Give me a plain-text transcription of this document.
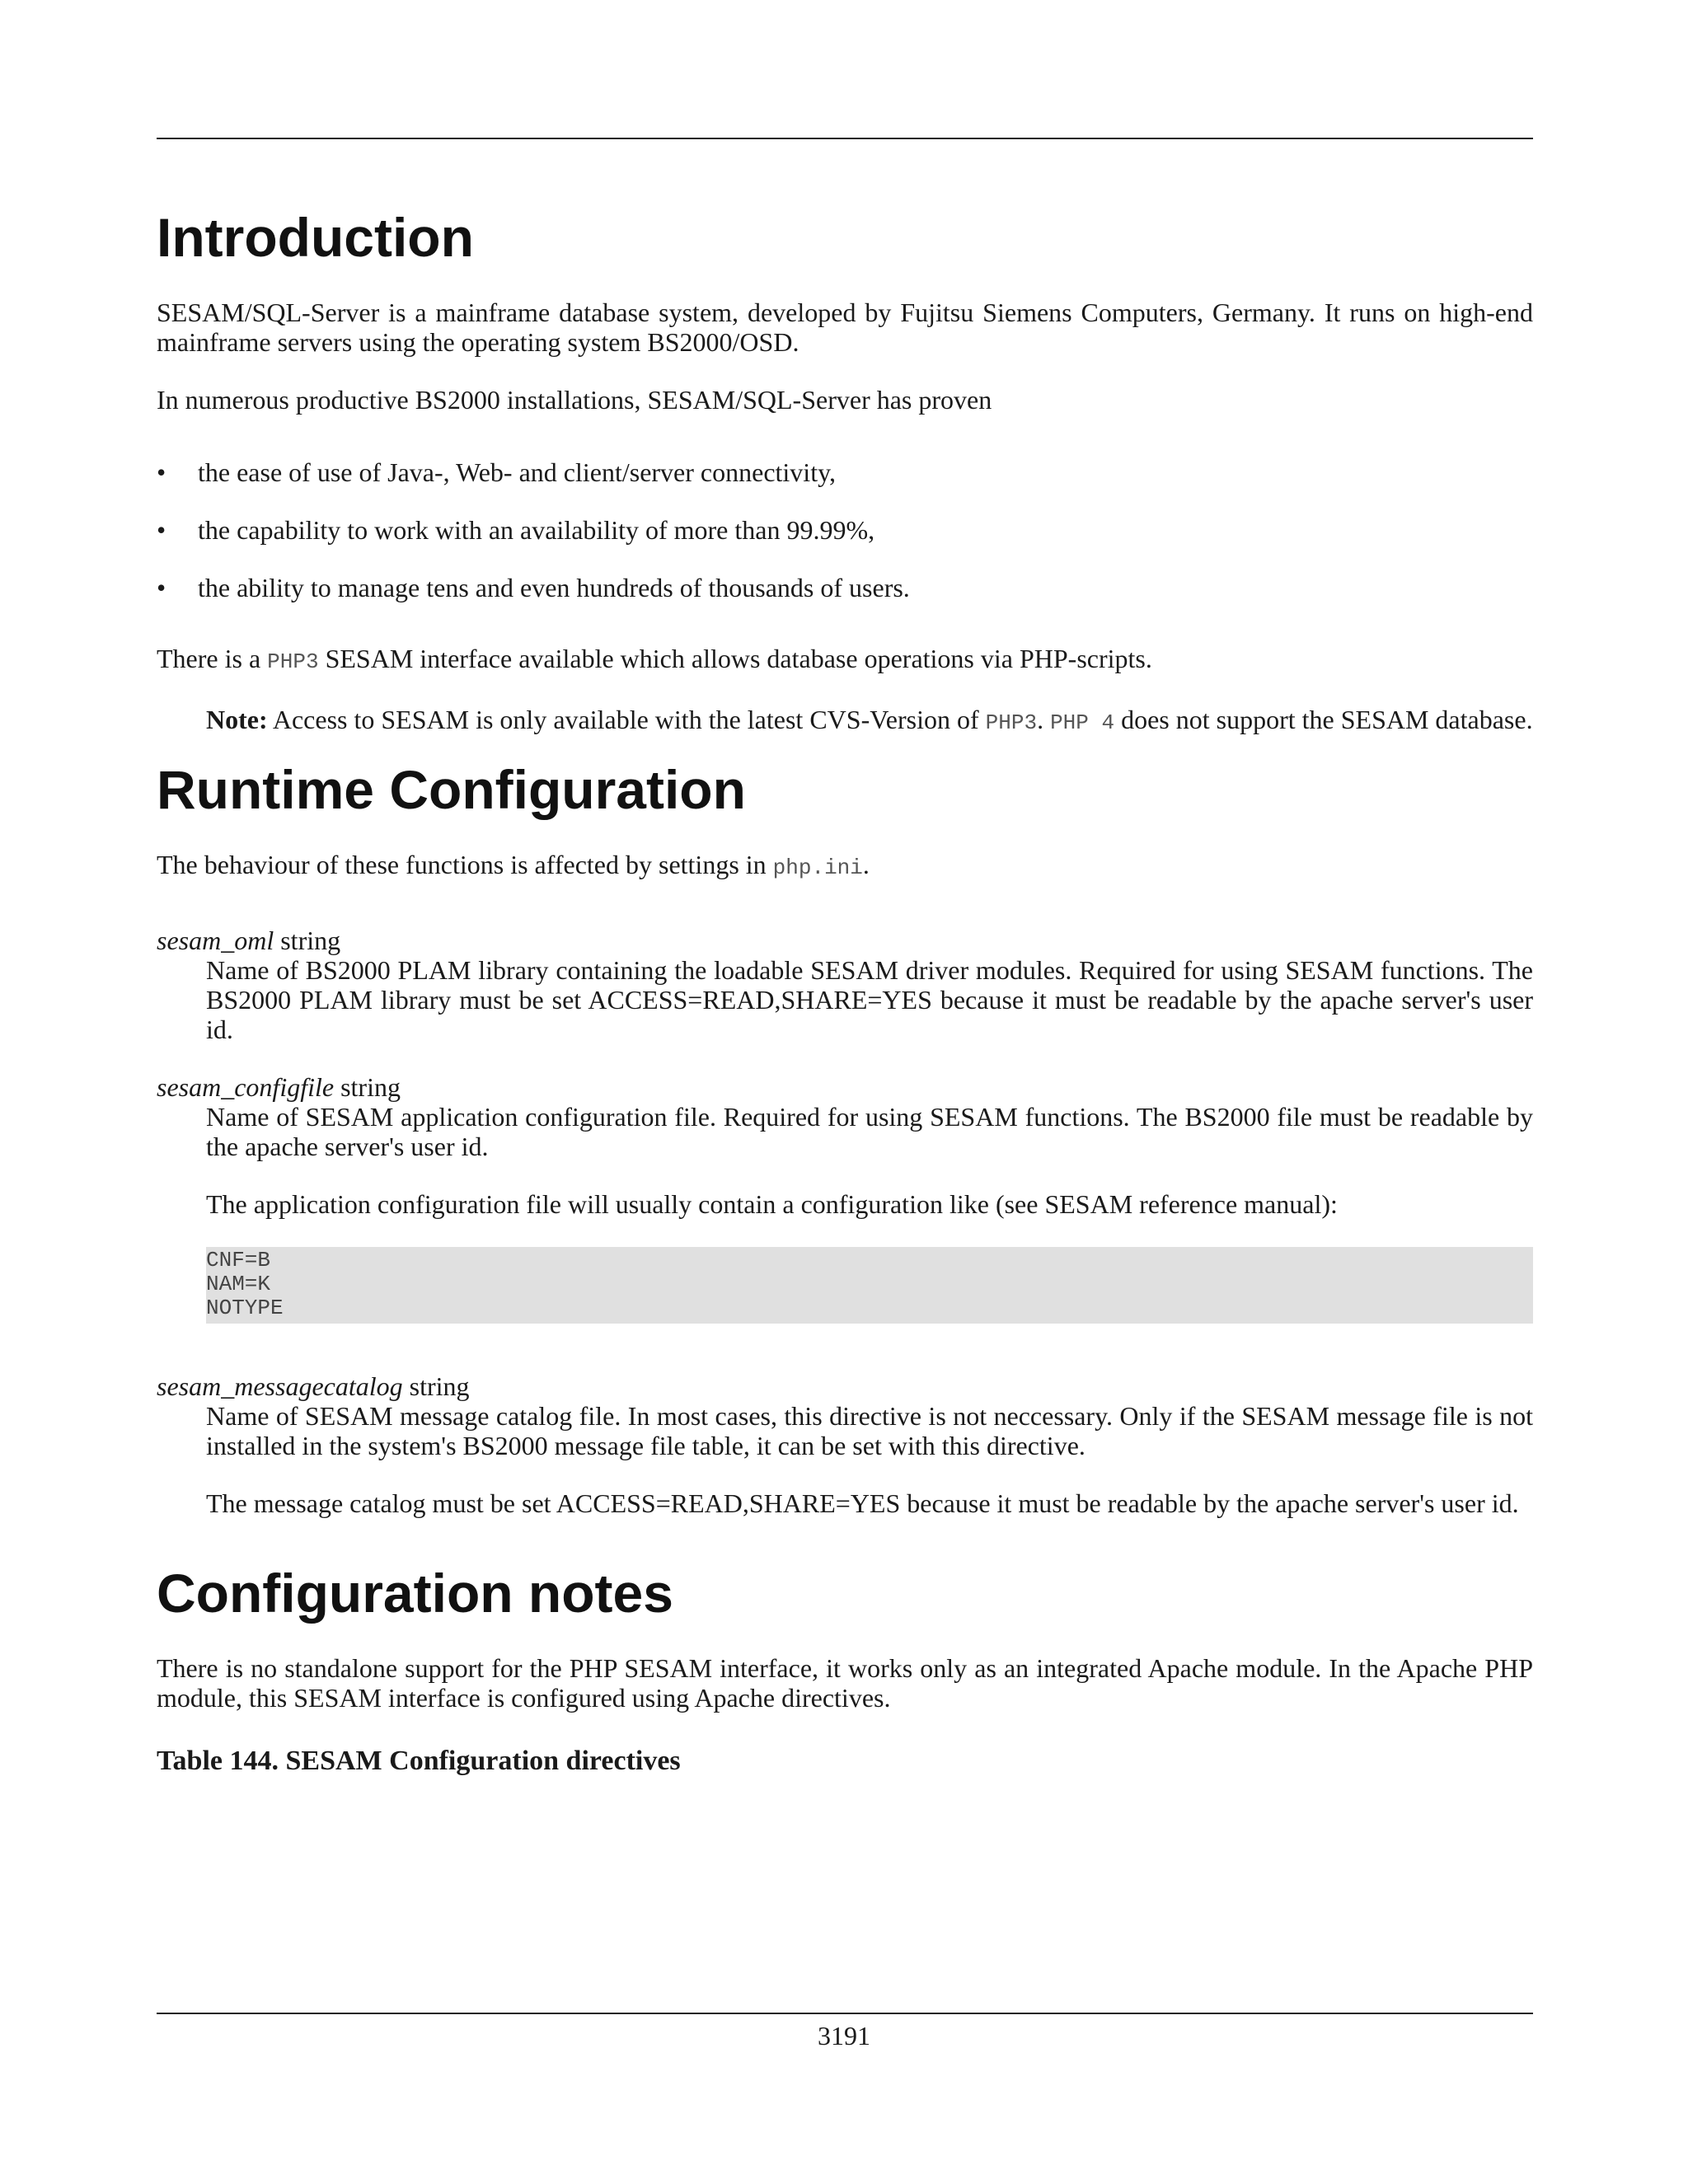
Introduction

SESAM/SQL-Server is a mainframe database system, developed by Fujitsu Siemens Computers, Germany. It runs on high-end mainframe servers using the operating system BS2000/OSD.

In numerous productive BS2000 installations, SESAM/SQL-Server has proven

• the ease of use of Java-, Web- and client/server connectivity,
• the capability to work with an availability of more than 99.99%,
• the ability to manage tens and even hundreds of thousands of users.

There is a PHP3 SESAM interface available which allows database operations via PHP-scripts.

Note: Access to SESAM is only available with the latest CVS-Version of PHP3. PHP 4 does not support the SESAM database.
Runtime Configuration

The behaviour of these functions is affected by settings in php.ini.

sesam_oml string

Name of BS2000 PLAM library containing the loadable SESAM driver modules. Required for using SESAM functions. The BS2000 PLAM library must be set ACCESS=READ,SHARE=YES because it must be readable by the apache server's user id.

sesam_configfile string

Name of SESAM application configuration file. Required for using SESAM functions. The BS2000 file must be readable by the apache server's user id.

The application configuration file will usually contain a configuration like (see SESAM reference manual):

CNF=B
NAM=K
NOTYPE
sesam_messagecatalog string

Name of SESAM message catalog file. In most cases, this directive is not neccessary. Only if the SESAM message file is not installed in the system's BS2000 message file table, it can be set with this directive.

The message catalog must be set ACCESS=READ,SHARE=YES because it must be readable by the apache server's user id.

Configuration notes

There is no standalone support for the PHP SESAM interface, it works only as an integrated Apache module. In the Apache PHP module, this SESAM interface is configured using Apache directives.

Table 144. SESAM Configuration directives
3191
